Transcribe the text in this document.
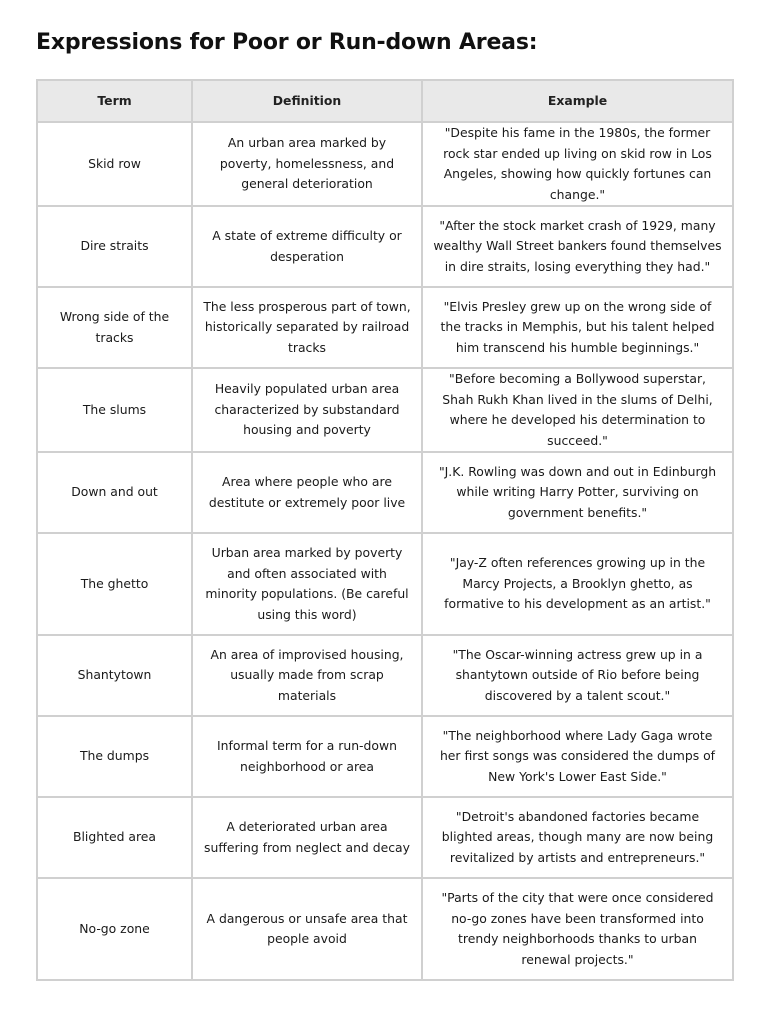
Expressions for Poor or Run-down Areas:
Term	Definition	Example
Skid row	An urban area marked by poverty, homelessness, and general deterioration	"Despite his fame in the 1980s, the former rock star ended up living on skid row in Los Angeles, showing how quickly fortunes can change."
Dire straits	A state of extreme difficulty or desperation	"After the stock market crash of 1929, many wealthy Wall Street bankers found themselves in dire straits, losing everything they had."
Wrong side of the tracks	The less prosperous part of town, historically separated by railroad tracks	"Elvis Presley grew up on the wrong side of the tracks in Memphis, but his talent helped him transcend his humble beginnings."
The slums	Heavily populated urban area characterized by substandard housing and poverty	"Before becoming a Bollywood superstar, Shah Rukh Khan lived in the slums of Delhi, where he developed his determination to succeed."
Down and out	Area where people who are destitute or extremely poor live	"J.K. Rowling was down and out in Edinburgh while writing Harry Potter, surviving on government benefits."
The ghetto	Urban area marked by poverty and often associated with minority populations. (Be careful using this word)	"Jay-Z often references growing up in the Marcy Projects, a Brooklyn ghetto, as formative to his development as an artist."
Shantytown	An area of improvised housing, usually made from scrap materials	"The Oscar-winning actress grew up in a shantytown outside of Rio before being discovered by a talent scout."
The dumps	Informal term for a run-down neighborhood or area	"The neighborhood where Lady Gaga wrote her first songs was considered the dumps of New York's Lower East Side."
Blighted area	A deteriorated urban area suffering from neglect and decay	"Detroit's abandoned factories became blighted areas, though many are now being revitalized by artists and entrepreneurs."
No-go zone	A dangerous or unsafe area that people avoid	"Parts of the city that were once considered no-go zones have been transformed into trendy neighborhoods thanks to urban renewal projects."
